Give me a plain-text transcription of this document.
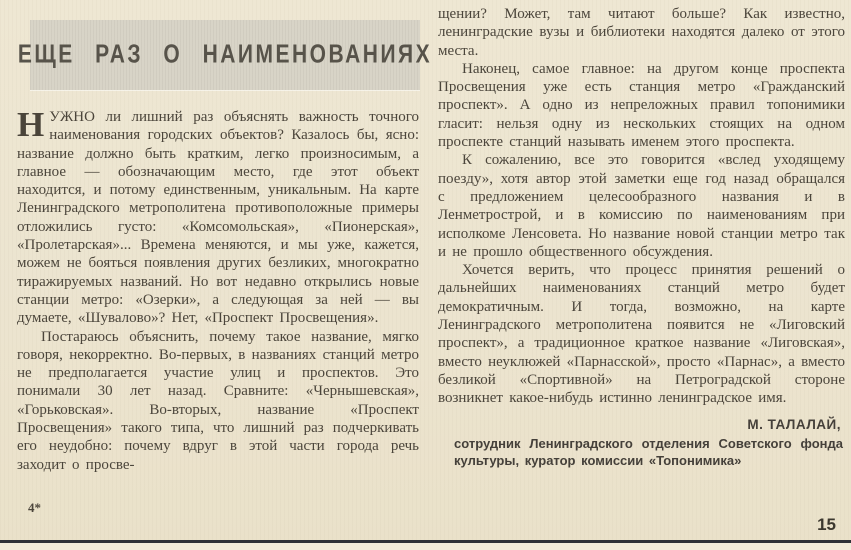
ЕЩЕ РАЗ О НАИМЕНОВАНИЯХ

НУЖНО ли лишний раз объяснять важность точного наименования городских объектов? Казалось бы, ясно: название должно быть кратким, легко произносимым, а главное — обозначающим место, где этот объект находится, и потому единственным, уникальным. На карте Ленинградского метрополитена противоположные примеры отложились густо: «Комсомольская», «Пионерская», «Пролетарская»... Времена меняются, и мы уже, кажется, можем не бояться появления других безликих, многократно тиражируемых названий. Но вот недавно открылись новые станции метро: «Озерки», а следующая за ней — вы думаете, «Шувалово»? Нет, «Проспект Просвещения».

Постараюсь объяснить, почему такое название, мягко говоря, некорректно. Во-первых, в названиях станций метро не предполагается участие улиц и проспектов. Это понимали 30 лет назад. Сравните: «Чернышевская», «Горьковская». Во-вторых, название «Проспект Просвещения» такого типа, что лишний раз подчеркивать его неудобно: почему вдруг в этой части города речь заходит о просве-

щении? Может, там читают больше? Как известно, ленинградские вузы и библиотеки находятся далеко от этого места.

Наконец, самое главное: на другом конце проспекта Просвещения уже есть станция метро «Гражданский проспект». А одно из непреложных правил топонимики гласит: нельзя одну из нескольких стоящих на одном проспекте станций называть именем этого проспекта.

К сожалению, все это говорится «вслед уходящему поезду», хотя автор этой заметки еще год назад обращался с предложением целесообразного названия и в Ленметрострой, и в комиссию по наименованиям при исполкоме Ленсовета. Но название новой станции метро так и не прошло общественного обсуждения.

Хочется верить, что процесс принятия решений о дальнейших наименованиях станций метро будет демократичным. И тогда, возможно, на карте Ленинградского метрополитена появится не «Лиговский проспект», а традиционное краткое название «Лиговская», вместо неуклюжей «Парнасской», просто «Парнас», а вместо безликой «Спортивной» на Петроградской стороне возникнет какое-нибудь истинно ленинградское имя.

М. ТАЛАЛАЙ,

сотрудник Ленинградского отделения Советского фонда культуры, куратор комиссии «Топонимика»

4*
15
